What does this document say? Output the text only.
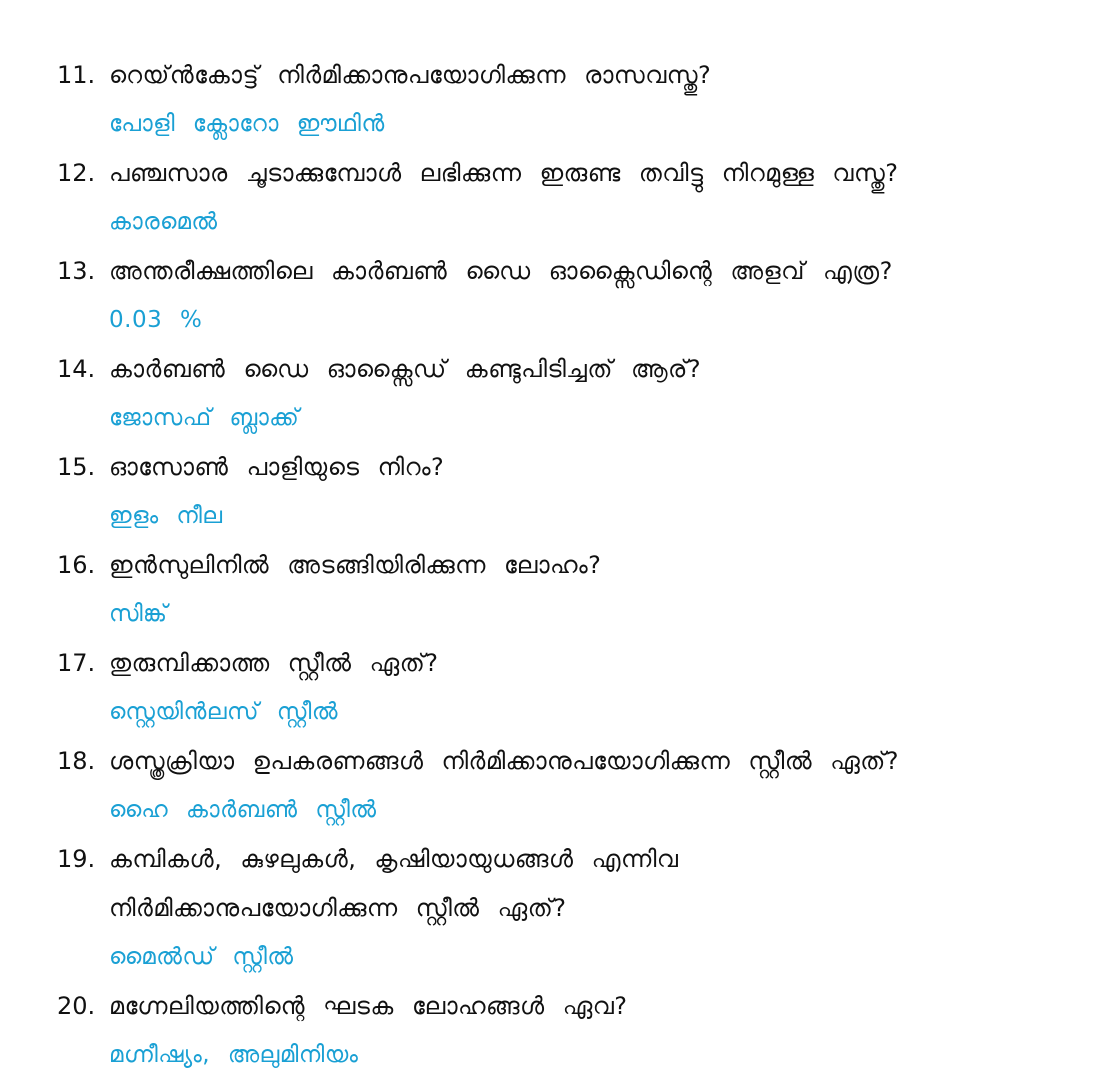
11. റെയ്ൻകോട്ട് നിർമിക്കാനുപയോഗിക്കുന്ന രാസവസ്തു?
പോളി ക്ലോറോ ഈഥിൻ
12. പഞ്ചസാര ചൂടാക്കുമ്പോൾ ലഭിക്കുന്ന ഇരുണ്ട തവിട്ടു നിറമുള്ള വസ്തു?
കാരമെൽ
13. അന്തരീക്ഷത്തിലെ കാർബൺ ഡൈ ഓക്സൈഡിന്റെ അളവ് എത്ര?
0.03 %
14. കാർബൺ ഡൈ ഓക്സൈഡ് കണ്ടുപിടിച്ചത് ആര്?
ജോസഫ് ബ്ലാക്ക്
15. ഓസോൺ പാളിയുടെ നിറം?
ഇളം നീല
16. ഇൻസുലിനിൽ അടങ്ങിയിരിക്കുന്ന ലോഹം?
സിങ്ക്
17. തുരുമ്പിക്കാത്ത സ്റ്റീൽ ഏത്?
സ്റ്റെയിൻലസ് സ്റ്റീൽ
18. ശസ്ത്രക്രിയാ ഉപകരണങ്ങൾ നിർമിക്കാനുപയോഗിക്കുന്ന സ്റ്റീൽ ഏത്?
ഹൈ കാർബൺ സ്റ്റീൽ
19. കമ്പികൾ, കുഴലുകൾ, കൃഷിയായുധങ്ങൾ എന്നിവ
നിർമിക്കാനുപയോഗിക്കുന്ന സ്റ്റീൽ ഏത്?
മൈൽഡ് സ്റ്റീൽ
20. മഗ്നേലിയത്തിന്റെ ഘടക ലോഹങ്ങൾ ഏവ?
മഗ്നീഷ്യം, അലുമിനിയം
